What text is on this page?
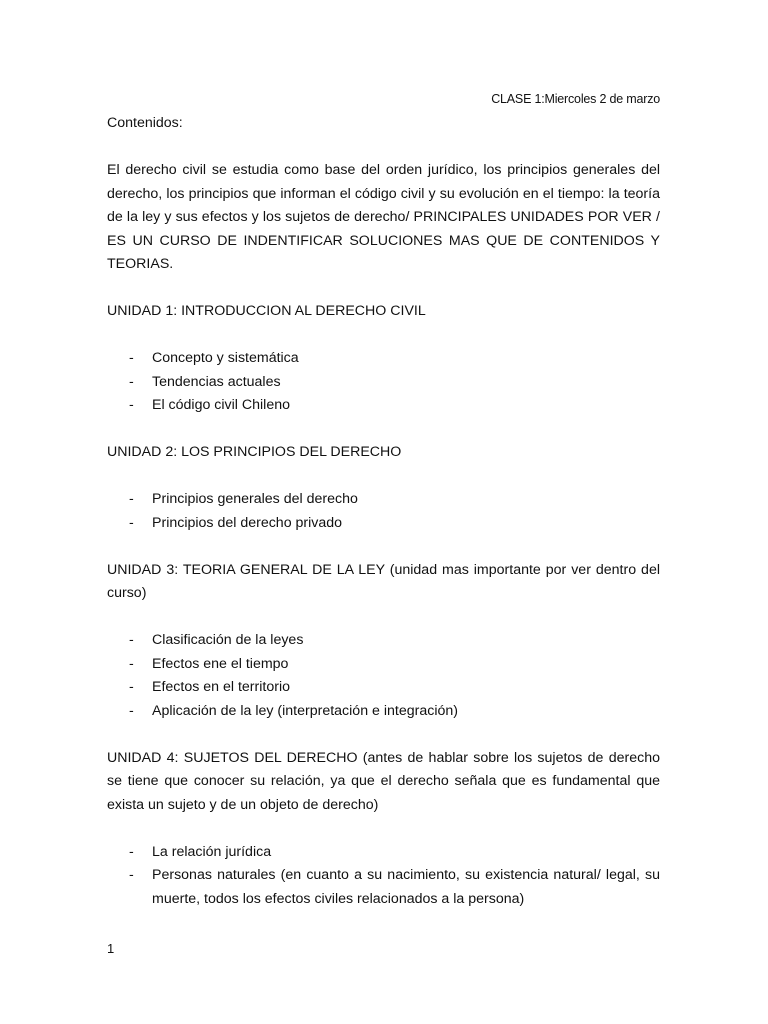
CLASE 1:Miercoles 2 de marzo

Contenidos:

El derecho civil se estudia como base del orden jurídico, los principios generales del derecho, los principios que informan el código civil y su evolución en el tiempo: la teoría de la ley y sus efectos y los sujetos de derecho/ PRINCIPALES UNIDADES POR VER / ES UN CURSO DE INDENTIFICAR SOLUCIONES MAS QUE DE CONTENIDOS Y TEORIAS.

UNIDAD 1: INTRODUCCION AL DERECHO CIVIL

- Concepto y sistemática
- Tendencias actuales
- El código civil Chileno

UNIDAD 2: LOS PRINCIPIOS DEL DERECHO

- Principios generales del derecho
- Principios del derecho privado

UNIDAD 3: TEORIA GENERAL DE LA LEY (unidad mas importante por ver dentro del curso)

- Clasificación de la leyes
- Efectos ene el tiempo
- Efectos en el territorio
- Aplicación de la ley (interpretación e integración)

UNIDAD 4: SUJETOS DEL DERECHO (antes de hablar sobre los sujetos de derecho se tiene que conocer su relación, ya que el derecho señala que es fundamental que exista un sujeto y de un objeto de derecho)

- La relación jurídica
- Personas naturales (en cuanto a su nacimiento, su existencia natural/ legal, su muerte, todos los efectos civiles relacionados a la persona)
1
